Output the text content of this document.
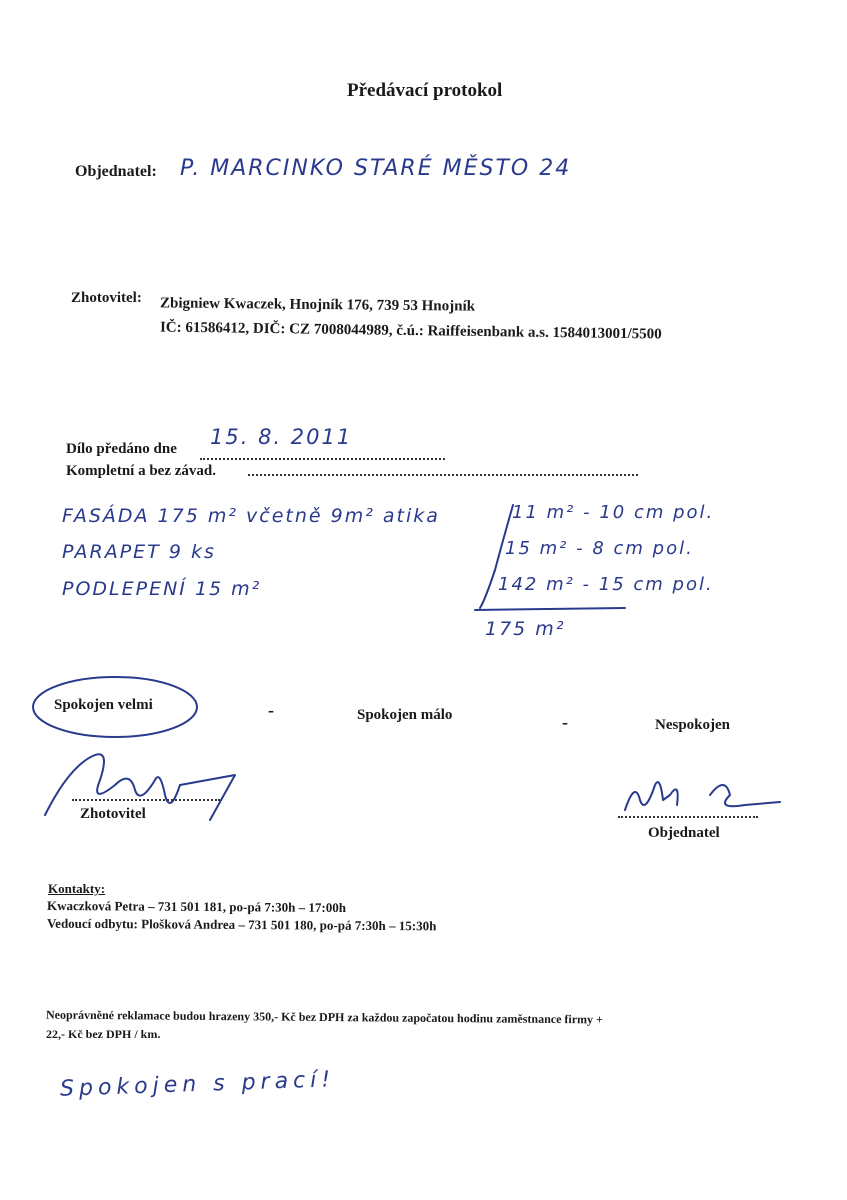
Předávací protokol
Objednatel: P. MARCINKO STARÉ MĚSTO 24
Zhotovitel: Zbigniew Kwaczek, Hnojník 176, 739 53 Hnojník
IČ: 61586412, DIČ: CZ 7008044989, č.ú.: Raiffeisenbank a.s. 1584013001/5500
Dílo předáno dne 15. 8. 2011
Kompletní a bez závad.
FASÁDA 175 m² včetně 9m² atika
PARAPET 9 ks
PODLEPENÍ 15 m²
11 m² - 10 cm pol.
15 m² - 8 cm pol.
142 m² - 15 cm pol.
175 m²
Spokojen velmi	-	Spokojen málo	-	Nespokojen
Zhotovitel
Objednatel
Kontakty:
Kwaczková Petra – 731 501 181, po-pá 7:30h – 17:00h
Vedoucí odbytu: Plošková Andrea – 731 501 180, po-pá 7:30h – 15:30h
Neoprávněné reklamace budou hrazeny 350,- Kč bez DPH za každou započatou hodinu zaměstnance firmy +
22,- Kč bez DPH / km.
Spokojen s prací!
